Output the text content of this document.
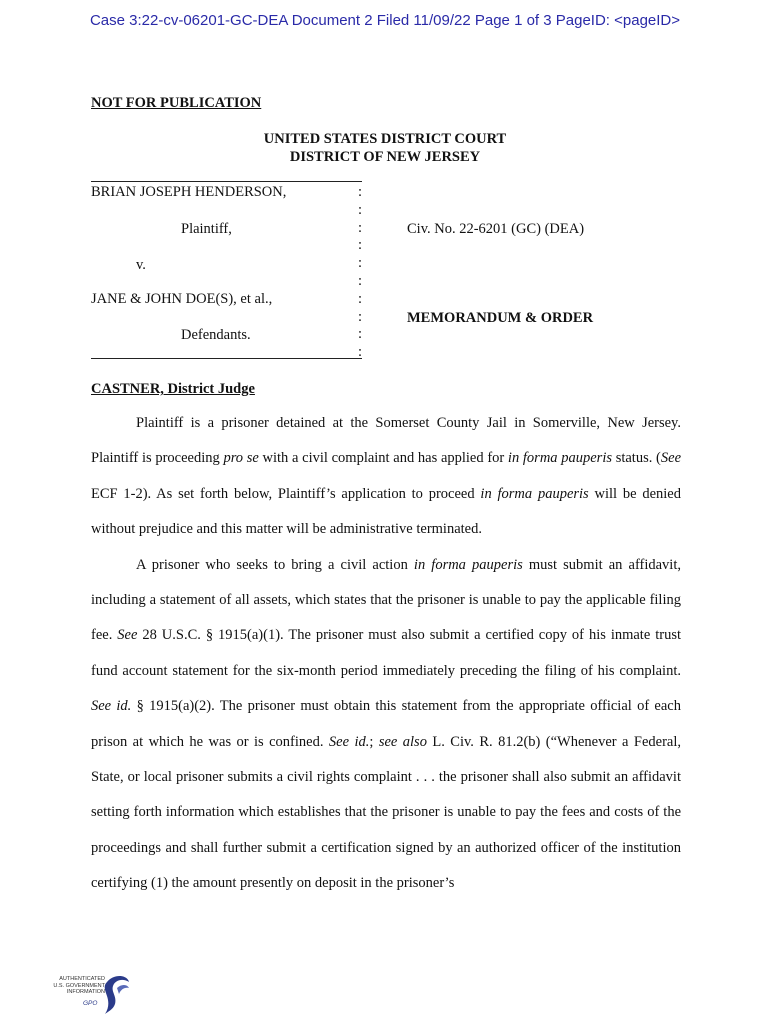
Case 3:22-cv-06201-GC-DEA Document 2 Filed 11/09/22 Page 1 of 3 PageID: <pageID>
NOT FOR PUBLICATION
UNITED STATES DISTRICT COURT
DISTRICT OF NEW JERSEY
BRIAN JOSEPH HENDERSON,
Plaintiff,
v.
JANE & JOHN DOE(S), et al.,
Defendants.
:
:
:
:
:
:
:
:
:
:
Civ. No. 22-6201 (GC) (DEA)
MEMORANDUM & ORDER
CASTNER, District Judge

Plaintiff is a prisoner detained at the Somerset County Jail in Somerville, New Jersey. Plaintiff is proceeding pro se with a civil complaint and has applied for in forma pauperis status. (See ECF 1-2). As set forth below, Plaintiff’s application to proceed in forma pauperis will be denied without prejudice and this matter will be administrative terminated.

A prisoner who seeks to bring a civil action in forma pauperis must submit an affidavit, including a statement of all assets, which states that the prisoner is unable to pay the applicable filing fee. See 28 U.S.C. § 1915(a)(1). The prisoner must also submit a certified copy of his inmate trust fund account statement for the six-month period immediately preceding the filing of his complaint. See id. § 1915(a)(2). The prisoner must obtain this statement from the appropriate official of each prison at which he was or is confined. See id.; see also L. Civ. R. 81.2(b) (“Whenever a Federal, State, or local prisoner submits a civil rights complaint . . . the prisoner shall also submit an affidavit setting forth information which establishes that the prisoner is unable to pay the fees and costs of the proceedings and shall further submit a certification signed by an authorized officer of the institution certifying (1) the amount presently on deposit in the prisoner’s

AUTHENTICATED
U.S. GOVERNMENT
INFORMATION
GPO
